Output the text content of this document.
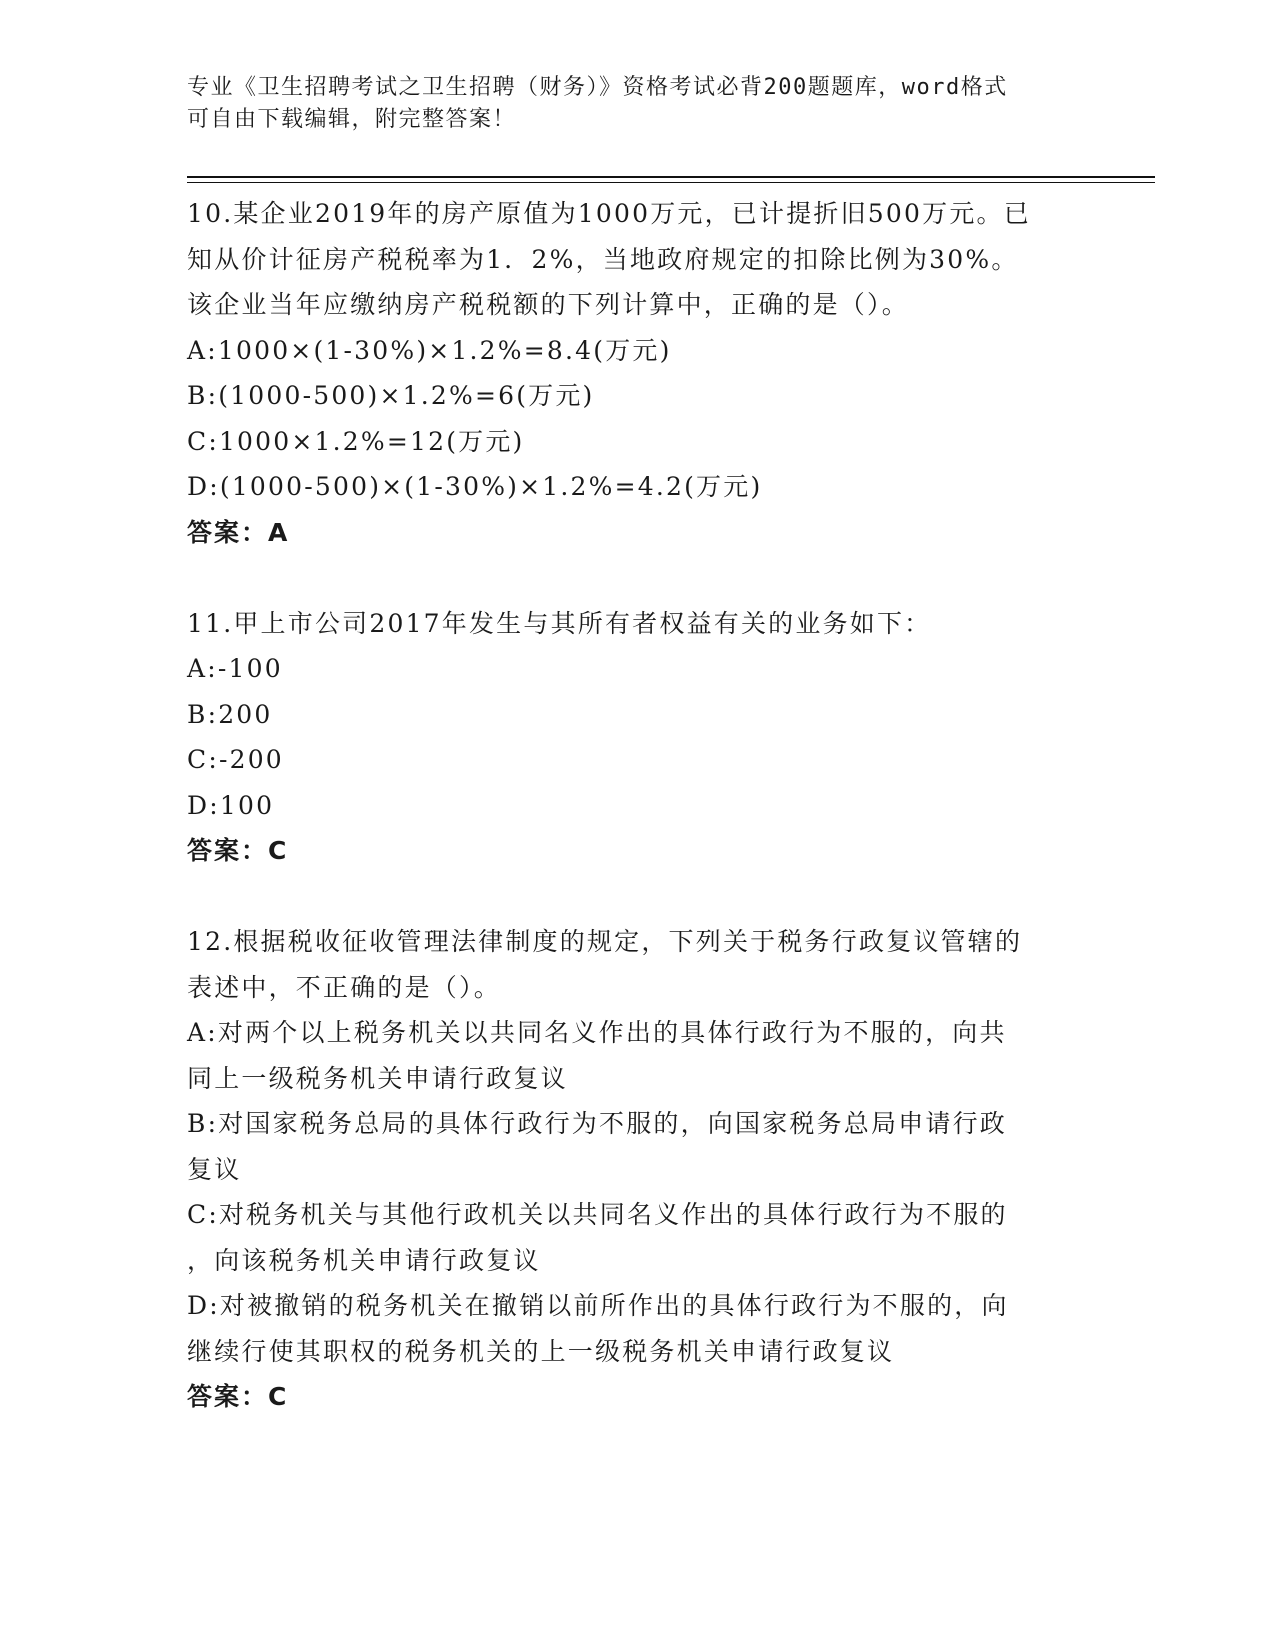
专业《卫生招聘考试之卫生招聘（财务）》资格考试必背200题题库，word格式
可自由下载编辑，附完整答案！
10.某企业2019年的房产原值为1000万元，已计提折旧500万元。已
知从价计征房产税税率为1．2%，当地政府规定的扣除比例为30%。
该企业当年应缴纳房产税税额的下列计算中，正确的是（）。
A:1000×(1-30%)×1.2%=8.4(万元)
B:(1000-500)×1.2%=6(万元)
C:1000×1.2%=12(万元)
D:(1000-500)×(1-30%)×1.2%=4.2(万元)
答案：A
11.甲上市公司2017年发生与其所有者权益有关的业务如下：
A:-100
B:200
C:-200
D:100
答案：C
12.根据税收征收管理法律制度的规定，下列关于税务行政复议管辖的
表述中，不正确的是（）。
A:对两个以上税务机关以共同名义作出的具体行政行为不服的，向共
同上一级税务机关申请行政复议
B:对国家税务总局的具体行政行为不服的，向国家税务总局申请行政
复议
C:对税务机关与其他行政机关以共同名义作出的具体行政行为不服的
，向该税务机关申请行政复议
D:对被撤销的税务机关在撤销以前所作出的具体行政行为不服的，向
继续行使其职权的税务机关的上一级税务机关申请行政复议
答案：C
